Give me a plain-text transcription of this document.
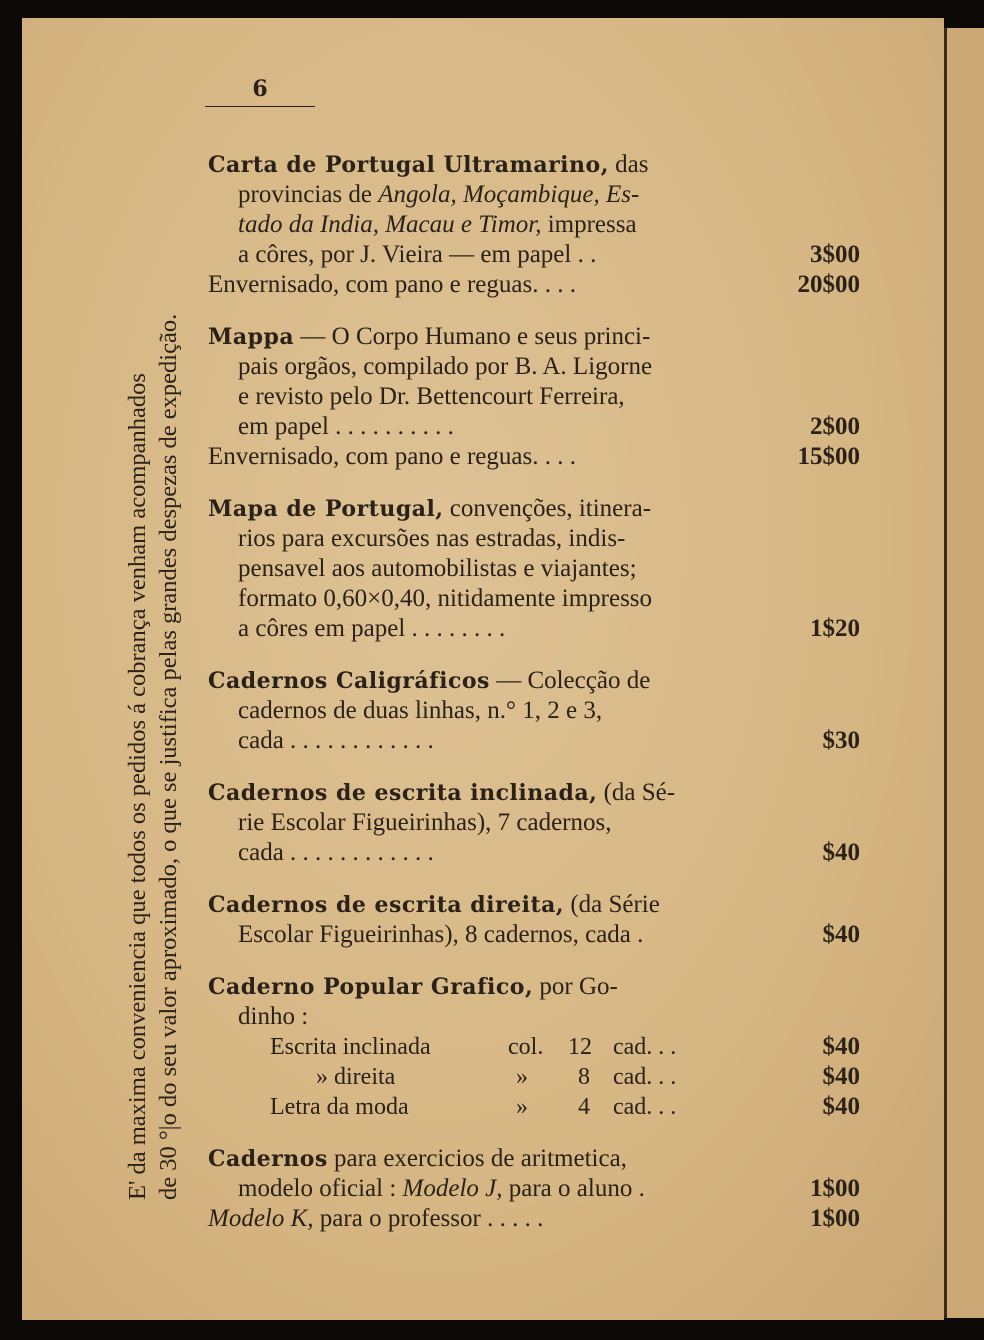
6
E' da maxima conveniencia que todos os pedidos á cobrança venham acompanhados de 30 °|o do seu valor aproximado, o que se justifica pelas grandes despezas de expedição.
Carta de Portugal Ultramarino, das
provincias de Angola, Moçambique, Es-
tado da India, Macau e Timor, impressa
a côres, por J. Vieira — em papel . .	3$00
Envernisado, com pano e reguas. . . .	20$00
Mappa — O Corpo Humano e seus princi-
pais orgãos, compilado por B. A. Ligorne
e revisto pelo Dr. Bettencourt Ferreira,
em papel . . . . . . . . . .	2$00
Envernisado, com pano e reguas. . . .	15$00
Mapa de Portugal, convenções, itinera-
rios para excursões nas estradas, indis-
pensavel aos automobilistas e viajantes;
formato 0,60×0,40, nitidamente impresso
a côres em papel . . . . . . . .	1$20
Cadernos Caligráficos — Colecção de
cadernos de duas linhas, n.° 1, 2 e 3,
cada . . . . . . . . . . . .	$30
Cadernos de escrita inclinada, (da Sé-
rie Escolar Figueirinhas), 7 cadernos,
cada . . . . . . . . . . . .	$40
Cadernos de escrita direita, (da Série
Escolar Figueirinhas), 8 cadernos, cada .	$40
Caderno Popular Grafico, por Go-
dinho :
Escrita inclinada	col. 12 cad. . .	$40
» direita	» 8 cad. . .	$40
Letra da moda	» 4 cad. . .	$40
Cadernos para exercicios de aritmetica,
modelo oficial : Modelo J, para o aluno .	1$00
Modelo K, para o professor . . . . .	1$00
